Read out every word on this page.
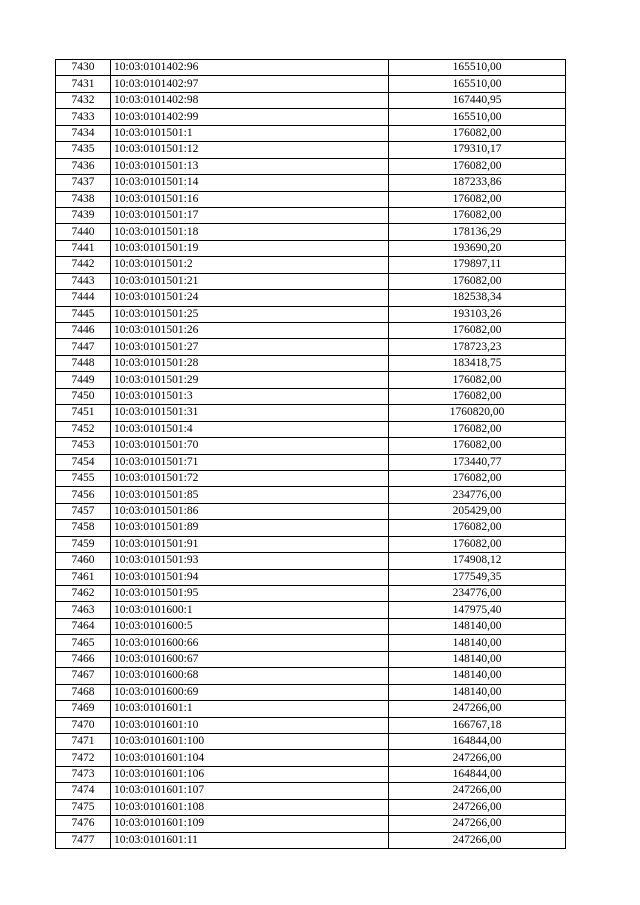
7430	10:03:0101402:96	165510,00
7431	10:03:0101402:97	165510,00
7432	10:03:0101402:98	167440,95
7433	10:03:0101402:99	165510,00
7434	10:03:0101501:1	176082,00
7435	10:03:0101501:12	179310,17
7436	10:03:0101501:13	176082,00
7437	10:03:0101501:14	187233,86
7438	10:03:0101501:16	176082,00
7439	10:03:0101501:17	176082,00
7440	10:03:0101501:18	178136,29
7441	10:03:0101501:19	193690,20
7442	10:03:0101501:2	179897,11
7443	10:03:0101501:21	176082,00
7444	10:03:0101501:24	182538,34
7445	10:03:0101501:25	193103,26
7446	10:03:0101501:26	176082,00
7447	10:03:0101501:27	178723,23
7448	10:03:0101501:28	183418,75
7449	10:03:0101501:29	176082,00
7450	10:03:0101501:3	176082,00
7451	10:03:0101501:31	1760820,00
7452	10:03:0101501:4	176082,00
7453	10:03:0101501:70	176082,00
7454	10:03:0101501:71	173440,77
7455	10:03:0101501:72	176082,00
7456	10:03:0101501:85	234776,00
7457	10:03:0101501:86	205429,00
7458	10:03:0101501:89	176082,00
7459	10:03:0101501:91	176082,00
7460	10:03:0101501:93	174908,12
7461	10:03:0101501:94	177549,35
7462	10:03:0101501:95	234776,00
7463	10:03:0101600:1	147975,40
7464	10:03:0101600:5	148140,00
7465	10:03:0101600:66	148140,00
7466	10:03:0101600:67	148140,00
7467	10:03:0101600:68	148140,00
7468	10:03:0101600:69	148140,00
7469	10:03:0101601:1	247266,00
7470	10:03:0101601:10	166767,18
7471	10:03:0101601:100	164844,00
7472	10:03:0101601:104	247266,00
7473	10:03:0101601:106	164844,00
7474	10:03:0101601:107	247266,00
7475	10:03:0101601:108	247266,00
7476	10:03:0101601:109	247266,00
7477	10:03:0101601:11	247266,00
